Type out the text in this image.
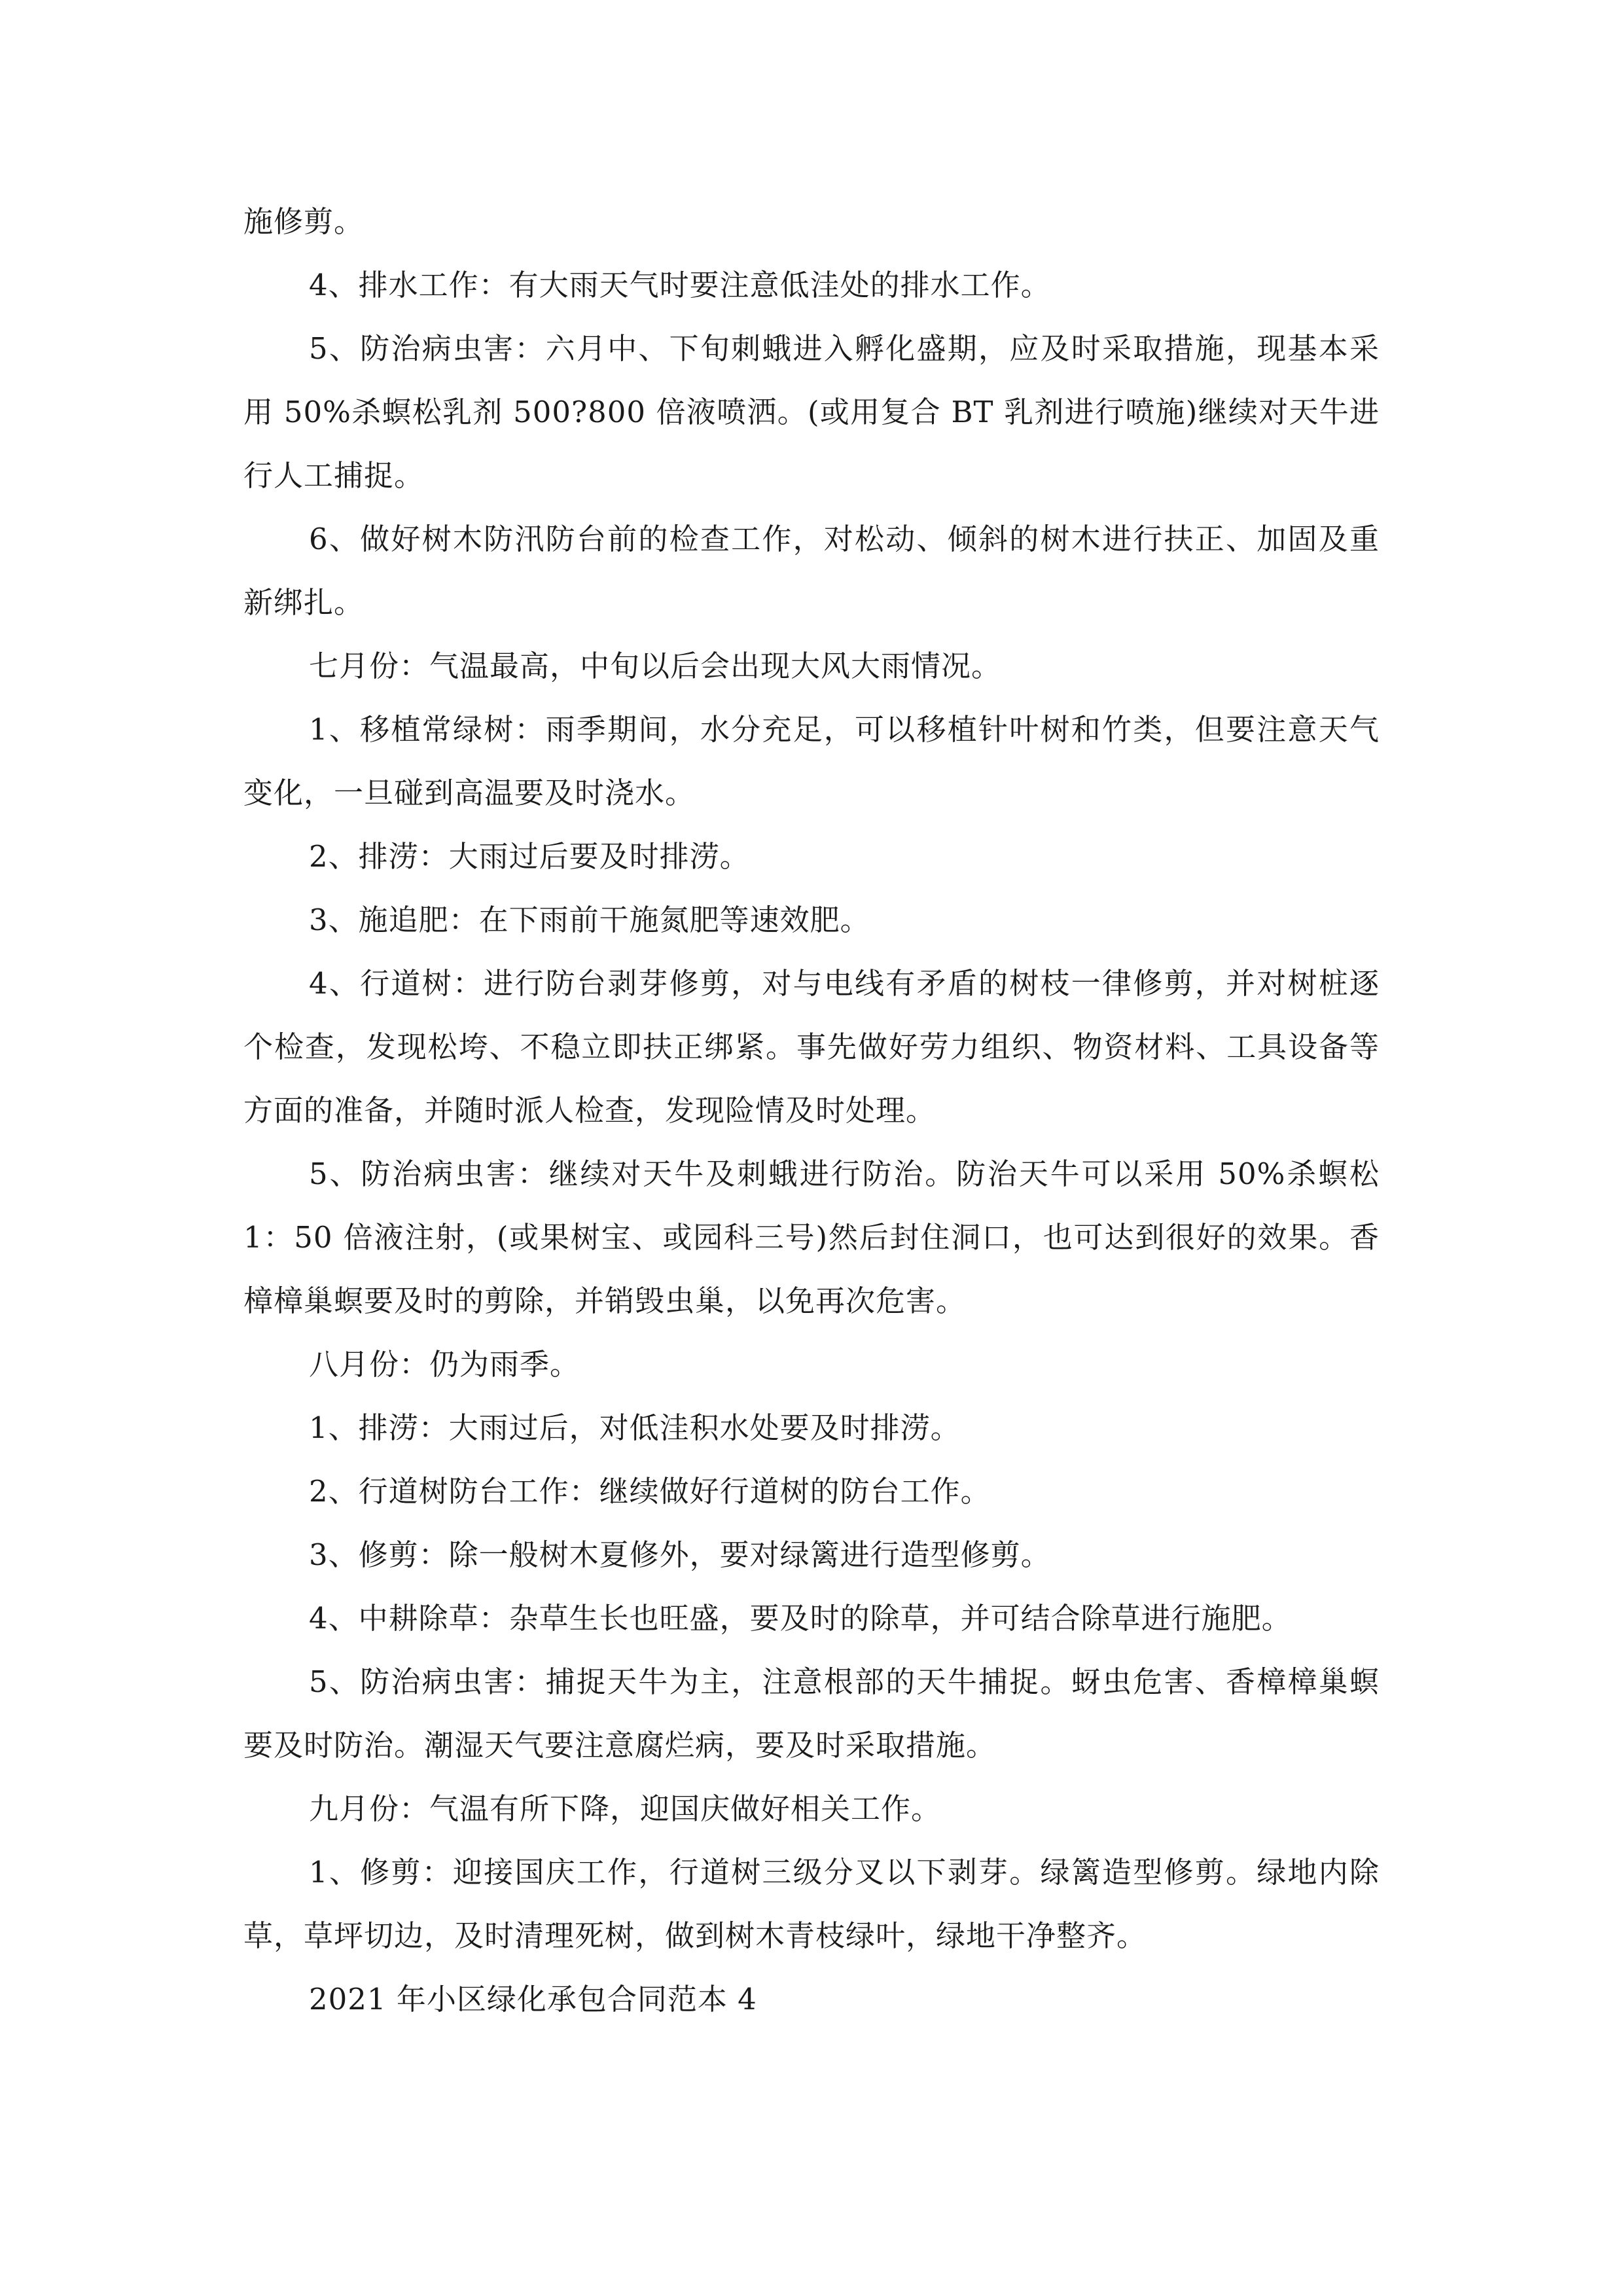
施修剪。

4、排水工作：有大雨天气时要注意低洼处的排水工作。

5、防治病虫害：六月中、下旬刺蛾进入孵化盛期，应及时采取措施，现基本采用 50%杀螟松乳剂 500?800 倍液喷洒。(或用复合 BT 乳剂进行喷施)继续对天牛进行人工捕捉。

6、做好树木防汛防台前的检查工作，对松动、倾斜的树木进行扶正、加固及重新绑扎。

七月份：气温最高，中旬以后会出现大风大雨情况。

1、移植常绿树：雨季期间，水分充足，可以移植针叶树和竹类，但要注意天气变化，一旦碰到高温要及时浇水。

2、排涝：大雨过后要及时排涝。

3、施追肥：在下雨前干施氮肥等速效肥。

4、行道树：进行防台剥芽修剪，对与电线有矛盾的树枝一律修剪，并对树桩逐个检查，发现松垮、不稳立即扶正绑紧。事先做好劳力组织、物资材料、工具设备等方面的准备，并随时派人检查，发现险情及时处理。

5、防治病虫害：继续对天牛及刺蛾进行防治。防治天牛可以采用 50%杀螟松 1：50 倍液注射，(或果树宝、或园科三号)然后封住洞口，也可达到很好的效果。香樟樟巢螟要及时的剪除，并销毁虫巢，以免再次危害。

八月份：仍为雨季。

1、排涝：大雨过后，对低洼积水处要及时排涝。

2、行道树防台工作：继续做好行道树的防台工作。

3、修剪：除一般树木夏修外，要对绿篱进行造型修剪。

4、中耕除草：杂草生长也旺盛，要及时的除草，并可结合除草进行施肥。

5、防治病虫害：捕捉天牛为主，注意根部的天牛捕捉。蚜虫危害、香樟樟巢螟要及时防治。潮湿天气要注意腐烂病，要及时采取措施。

九月份：气温有所下降，迎国庆做好相关工作。

1、修剪：迎接国庆工作，行道树三级分叉以下剥芽。绿篱造型修剪。绿地内除草，草坪切边，及时清理死树，做到树木青枝绿叶，绿地干净整齐。

2021 年小区绿化承包合同范本 4
